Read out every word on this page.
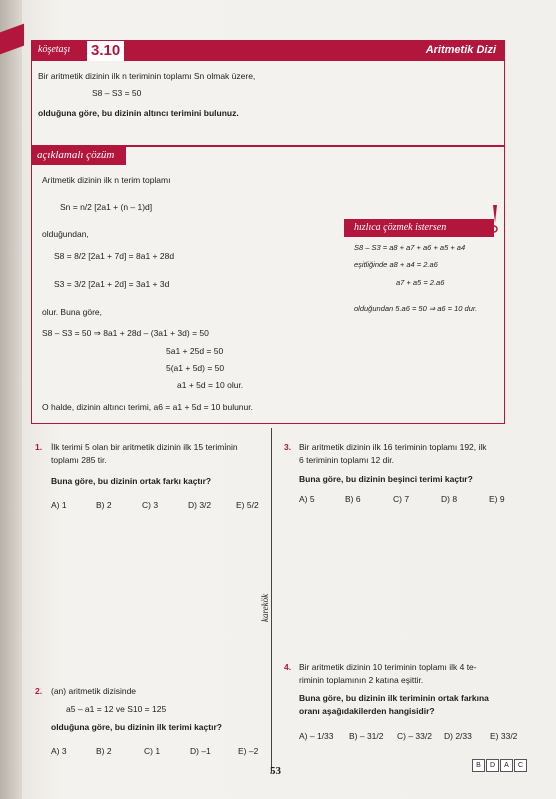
köşetaşı 3.10	Aritmetik Dizi
Bir aritmetik dizinin ilk n teriminin toplamı Sn olmak üzere,
S8 – S3 = 50
olduğuna göre, bu dizinin altıncı terimini bulunuz.
açıklamalı çözüm
Aritmetik dizinin ilk n terim toplamı
Sn = n/2 [2a1 + (n – 1)d]
olduğundan,
S8 = 8/2 [2a1 + 7d] = 8a1 + 28d
S3 = 3/2 [2a1 + 2d] = 3a1 + 3d
olur. Buna göre,
S8 – S3 = 50 ⇒ 8a1 + 28d – (3a1 + 3d) = 50
5a1 + 25d = 50
5(a1 + 5d) = 50
a1 + 5d = 10 olur.
O halde, dizinin altıncı terimi, a6 = a1 + 5d = 10 bulunur.
hızlıca çözmek istersen
S8 – S3 = a8 + a7 + a6 + a5 + a4
eşitliğinde a8 + a4 = 2.a6
a7 + a5 = 2.a6
olduğundan 5.a6 = 50 ⇒ a6 = 10 dur.
karekök
1. İlk terimi 5 olan bir aritmetik dizinin ilk 15 terimi̇nin
toplamı 285 tir.
Buna göre, bu dizinin ortak farkı kaçtır?
A) 1	B) 2	C) 3	D) 3/2	E) 5/2
3. Bir aritmetik dizinin ilk 16 teriminin toplamı 192, ilk
6 teriminin toplamı 12 dir.
Buna göre, bu dizinin beşinci terimi kaçtır?
A) 5	B) 6	C) 7	D) 8	E) 9
4. Bir aritmetik dizinin 10 teriminin toplamı ilk 4 te-
riminin toplamının 2 katına eşittir.
Buna göre, bu dizinin ilk teriminin ortak farkına
oranı aşağıdakilerden hangisidir?
A) – 1/33 B) – 31/2 C) – 33/2 D) 2/33 E) 33/2
2. (an) aritmetik dizisinde
a5 – a1 = 12 ve S10 = 125
olduğuna göre, bu dizinin ilk terimi kaçtır?
A) 3	B) 2	C) 1	D) –1	E) –2
53	B	D	A	C
